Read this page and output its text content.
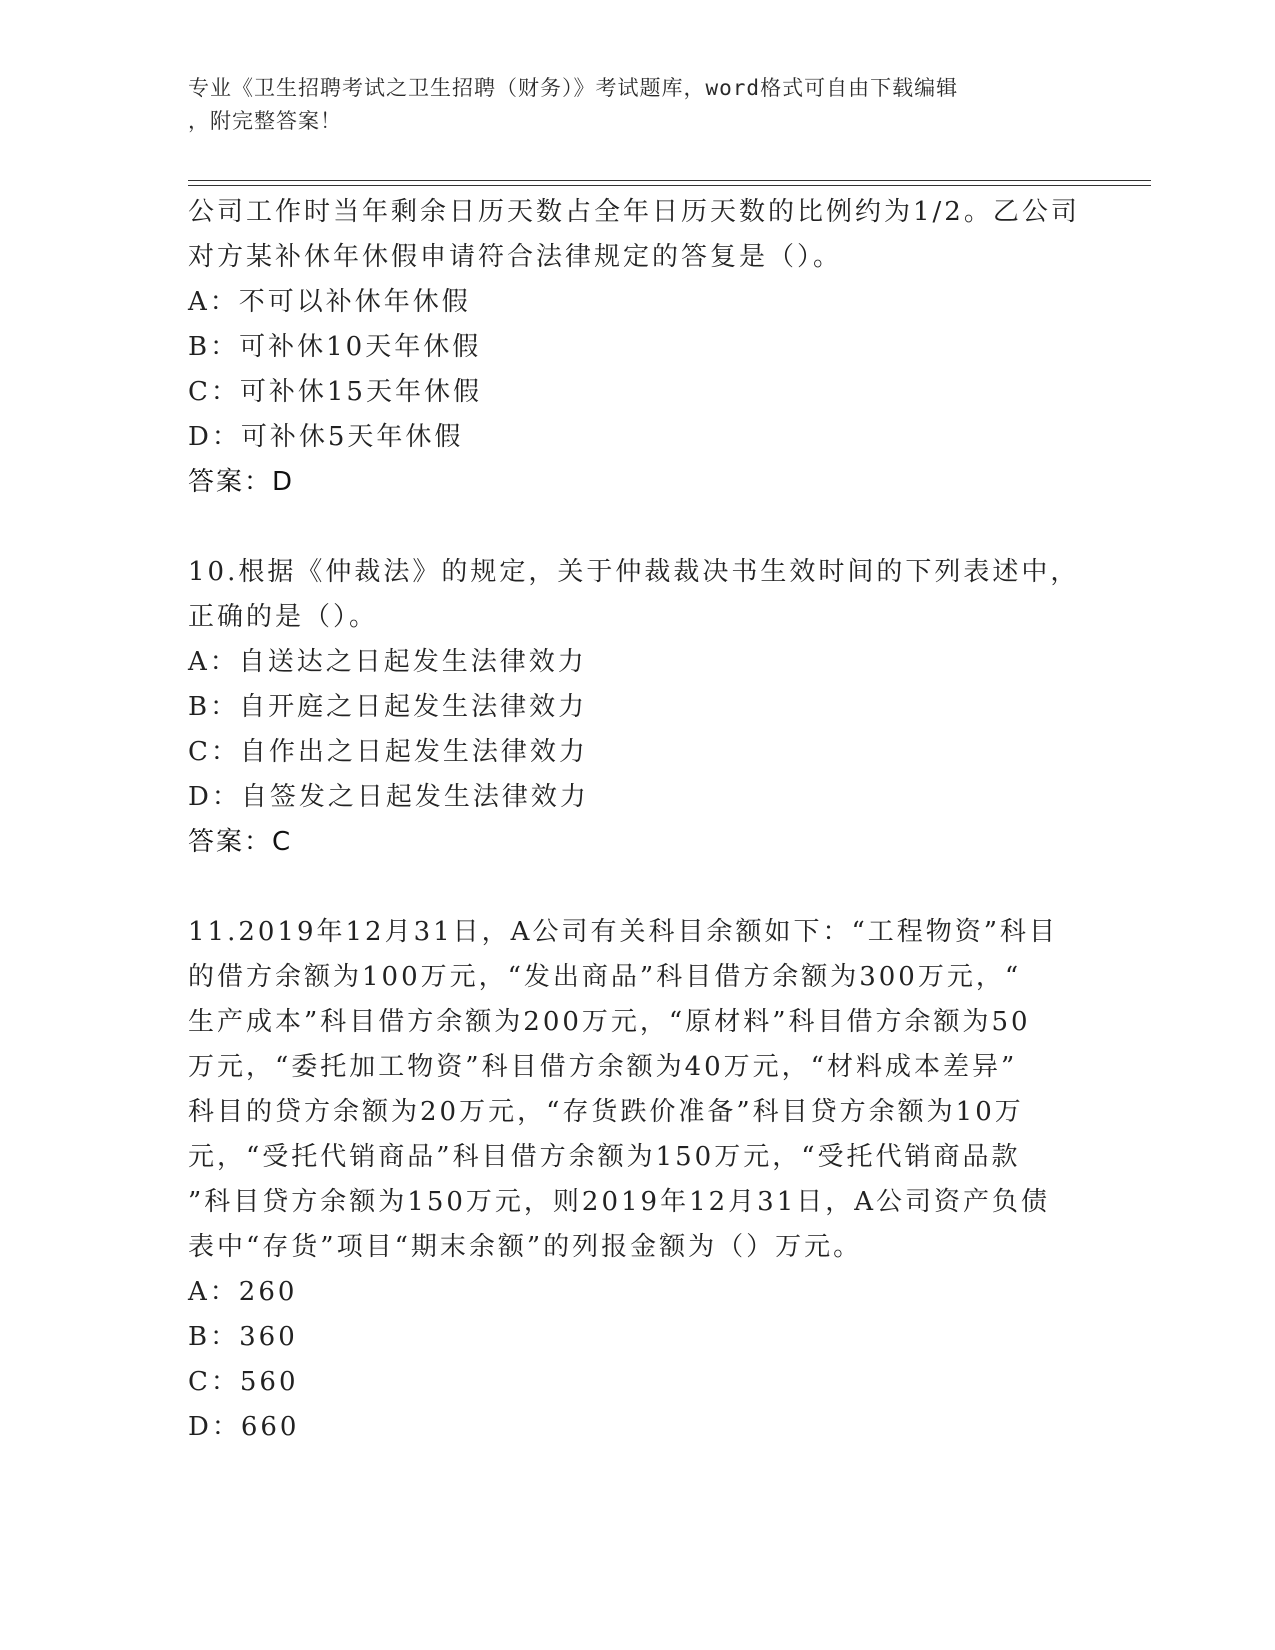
专业《卫生招聘考试之卫生招聘（财务）》考试题库，word格式可自由下载编辑
，附完整答案！

公司工作时当年剩余日历天数占全年日历天数的比例约为1/2。乙公司

对方某补休年休假申请符合法律规定的答复是（）。

A：不可以补休年休假

B：可补休10天年休假

C：可补休15天年休假

D：可补休5天年休假

答案：D

10.根据《仲裁法》的规定，关于仲裁裁决书生效时间的下列表述中，

正确的是（）。

A：自送达之日起发生法律效力

B：自开庭之日起发生法律效力

C：自作出之日起发生法律效力

D：自签发之日起发生法律效力

答案：C

11.2019年12月31日，A公司有关科目余额如下：“工程物资”科目

的借方余额为100万元，“发出商品”科目借方余额为300万元，“

生产成本”科目借方余额为200万元，“原材料”科目借方余额为50

万元，“委托加工物资”科目借方余额为40万元，“材料成本差异”

科目的贷方余额为20万元，“存货跌价准备”科目贷方余额为10万

元，“受托代销商品”科目借方余额为150万元，“受托代销商品款

”科目贷方余额为150万元，则2019年12月31日，A公司资产负债

表中“存货”项目“期末余额”的列报金额为（）万元。

A：260

B：360

C：560

D：660
